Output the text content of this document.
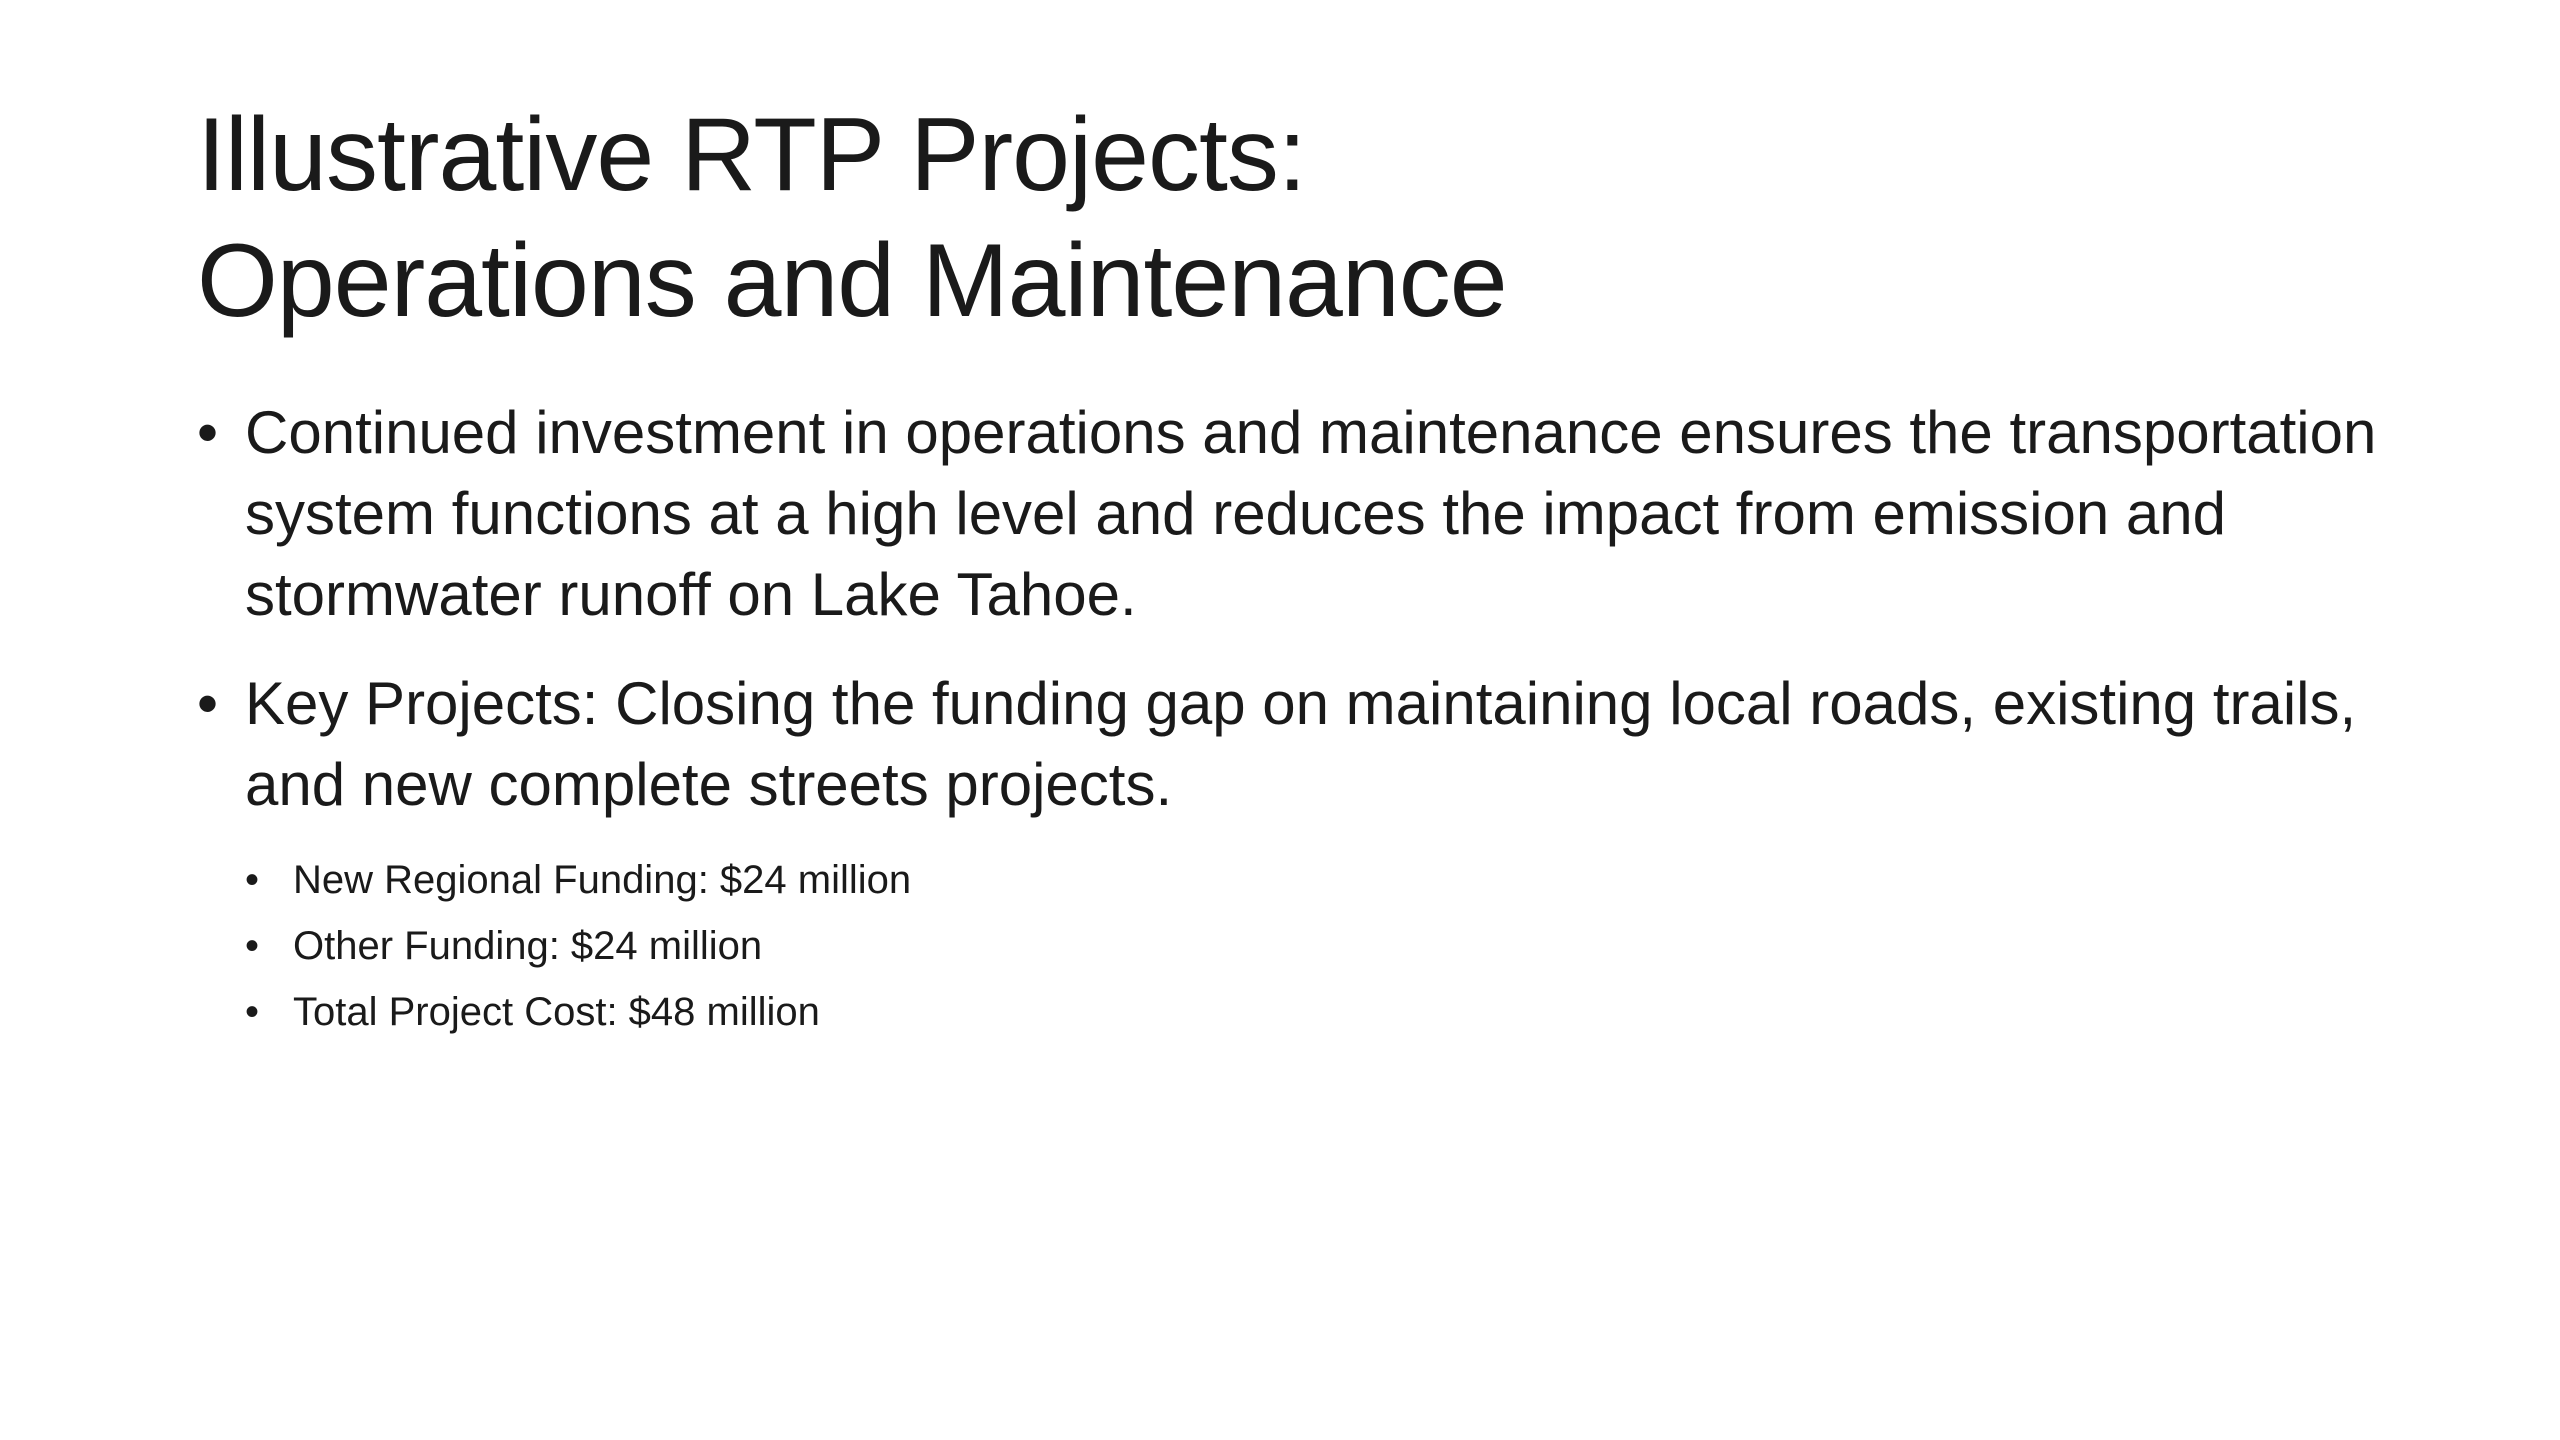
Illustrative RTP Projects:
Operations and Maintenance
• Continued investment in operations and maintenance ensures the transportation system functions at a high level and reduces the impact from emission and stormwater runoff on Lake Tahoe.
• Key Projects: Closing the funding gap on maintaining local roads, existing trails, and new complete streets projects.
• New Regional Funding: $24 million
• Other Funding: $24 million
• Total Project Cost: $48 million
